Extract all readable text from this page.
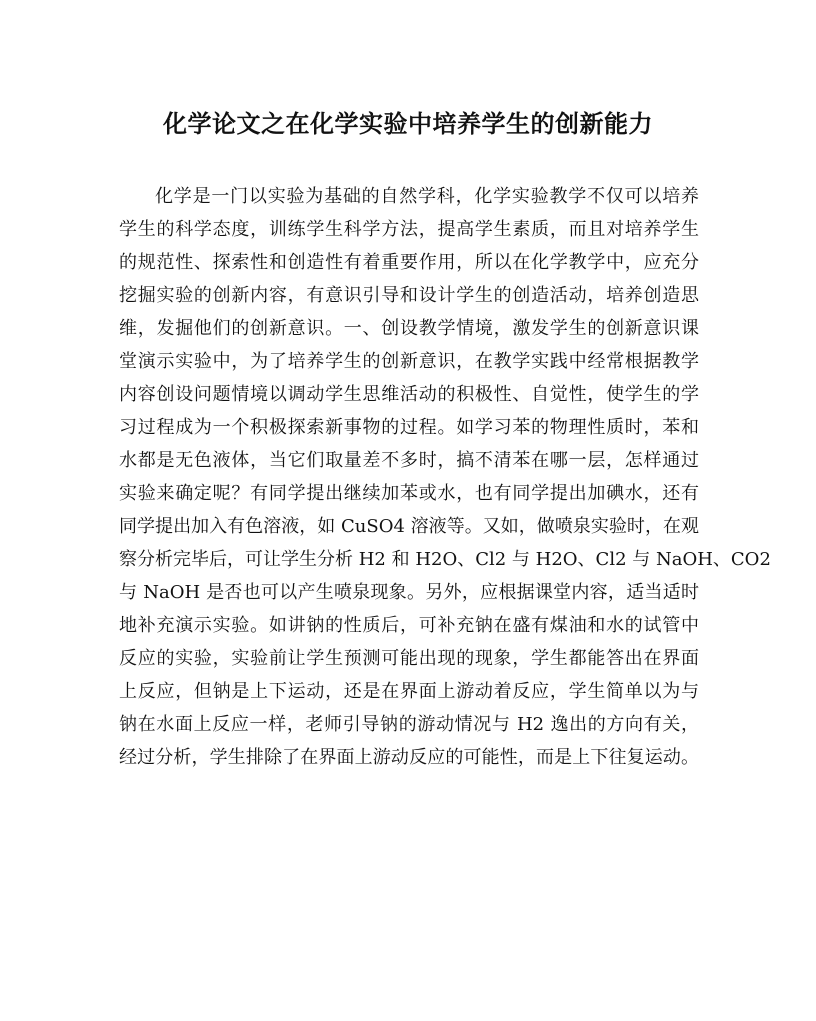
化学论文之在化学实验中培养学生的创新能力
化学是一门以实验为基础的自然学科，化学实验教学不仅可以培养
学生的科学态度，训练学生科学方法，提高学生素质，而且对培养学生
的规范性、探索性和创造性有着重要作用，所以在化学教学中，应充分
挖掘实验的创新内容，有意识引导和设计学生的创造活动，培养创造思
维，发掘他们的创新意识。一、创设教学情境，激发学生的创新意识课
堂演示实验中，为了培养学生的创新意识，在教学实践中经常根据教学
内容创设问题情境以调动学生思维活动的积极性、自觉性，使学生的学
习过程成为一个积极探索新事物的过程。如学习苯的物理性质时，苯和
水都是无色液体，当它们取量差不多时，搞不清苯在哪一层，怎样通过
实验来确定呢？有同学提出继续加苯或水，也有同学提出加碘水，还有
同学提出加入有色溶液，如 CuSO4 溶液等。又如，做喷泉实验时，在观
察分析完毕后，可让学生分析 H2 和 H2O、Cl2 与 H2O、Cl2 与 NaOH、CO2
与 NaOH 是否也可以产生喷泉现象。另外，应根据课堂内容，适当适时
地补充演示实验。如讲钠的性质后，可补充钠在盛有煤油和水的试管中
反应的实验，实验前让学生预测可能出现的现象，学生都能答出在界面
上反应，但钠是上下运动，还是在界面上游动着反应，学生简单以为与
钠在水面上反应一样，老师引导钠的游动情况与 H2 逸出的方向有关，
经过分析，学生排除了在界面上游动反应的可能性，而是上下往复运动。
